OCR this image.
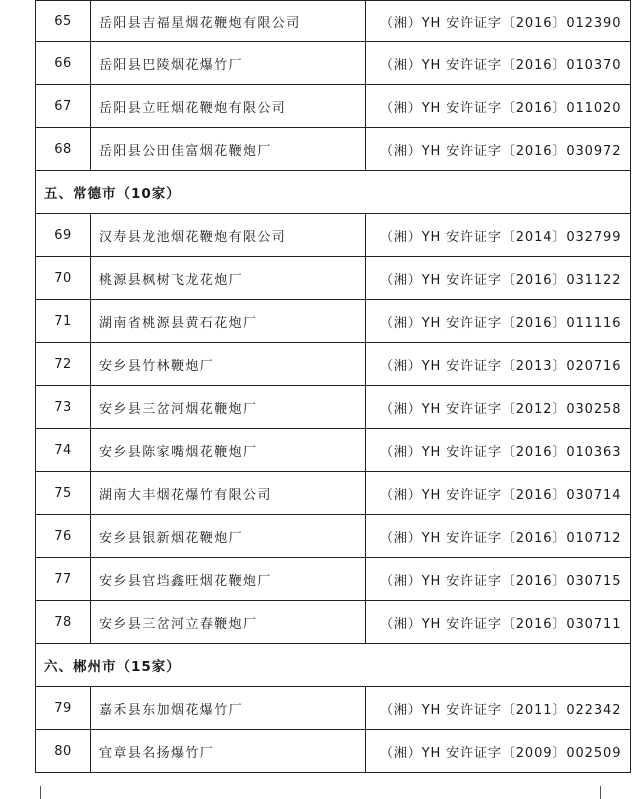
65	岳阳县吉福星烟花鞭炮有限公司	（湘）YH 安许证字〔2016〕012390
66	岳阳县巴陵烟花爆竹厂	（湘）YH 安许证字〔2016〕010370
67	岳阳县立旺烟花鞭炮有限公司	（湘）YH 安许证字〔2016〕011020
68	岳阳县公田佳富烟花鞭炮厂	（湘）YH 安许证字〔2016〕030972
五、常德市（10家）		
69	汉寿县龙池烟花鞭炮有限公司	（湘）YH 安许证字〔2014〕032799
70	桃源县枫树飞龙花炮厂	（湘）YH 安许证字〔2016〕031122
71	湖南省桃源县黄石花炮厂	（湘）YH 安许证字〔2016〕011116
72	安乡县竹林鞭炮厂	（湘）YH 安许证字〔2013〕020716
73	安乡县三岔河烟花鞭炮厂	（湘）YH 安许证字〔2012〕030258
74	安乡县陈家嘴烟花鞭炮厂	（湘）YH 安许证字〔2016〕010363
75	湖南大丰烟花爆竹有限公司	（湘）YH 安许证字〔2016〕030714
76	安乡县银新烟花鞭炮厂	（湘）YH 安许证字〔2016〕010712
77	安乡县官垱鑫旺烟花鞭炮厂	（湘）YH 安许证字〔2016〕030715
78	安乡县三岔河立春鞭炮厂	（湘）YH 安许证字〔2016〕030711
六、郴州市（15家）		
79	嘉禾县东加烟花爆竹厂	（湘）YH 安许证字〔2011〕022342
80	宜章县名扬爆竹厂	（湘）YH 安许证字〔2009〕002509
